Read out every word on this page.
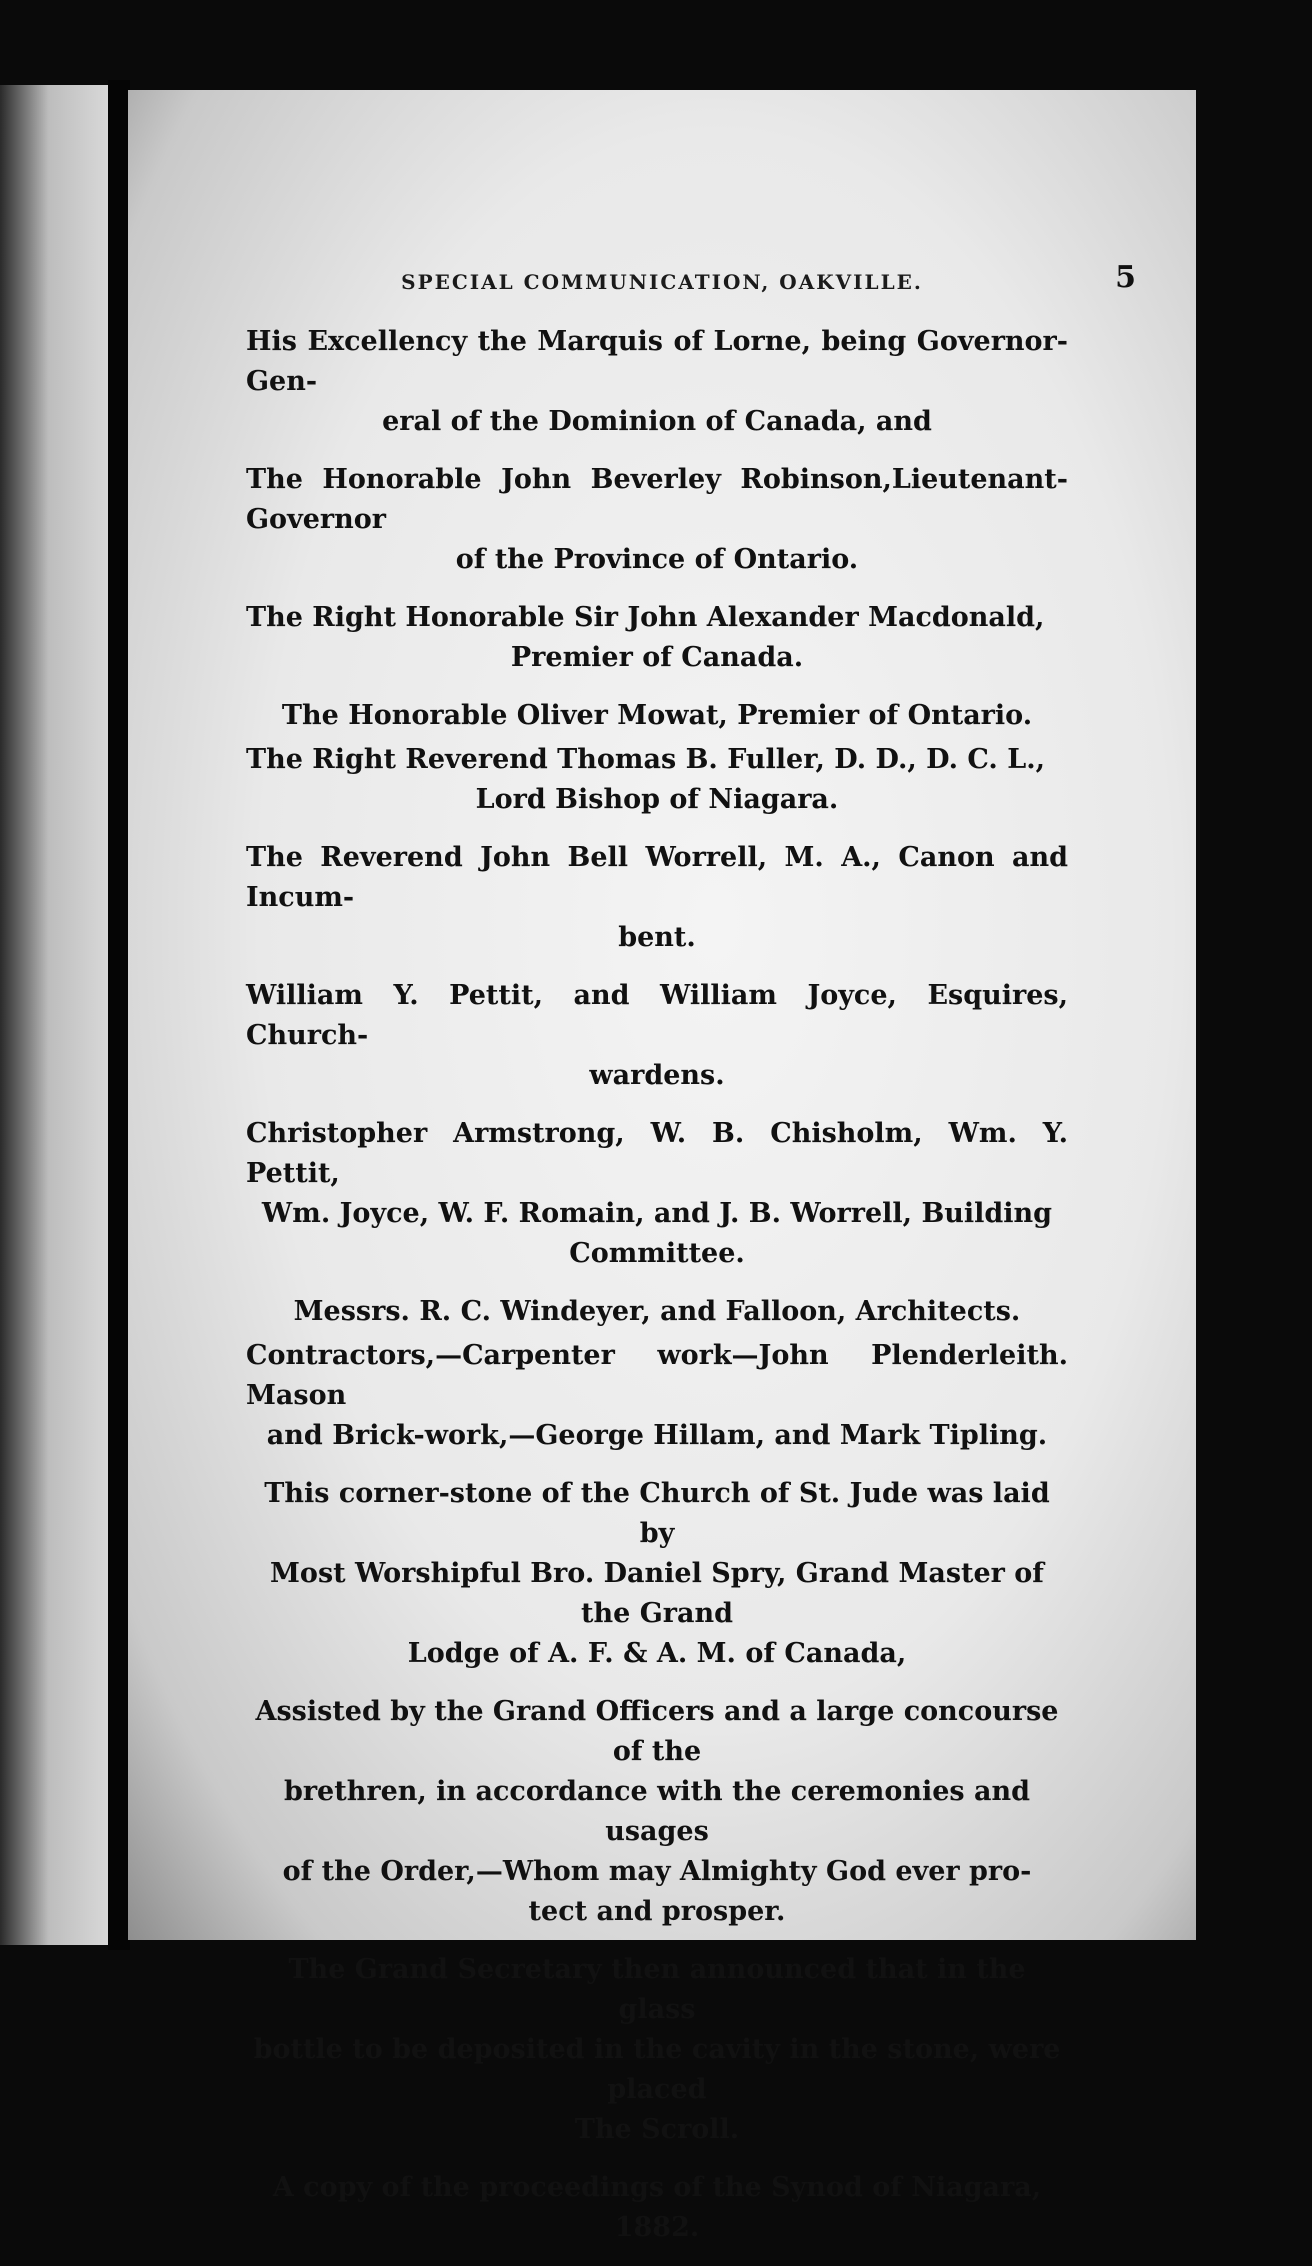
SPECIAL COMMUNICATION, OAKVILLE.	5
His Excellency the Marquis of Lorne, being Governor-Gen-
eral of the Dominion of Canada, and
The Honorable John Beverley Robinson,Lieutenant-Governor
of the Province of Ontario.
The Right Honorable Sir John Alexander Macdonald,
Premier of Canada.
The Honorable Oliver Mowat, Premier of Ontario.
The Right Reverend Thomas B. Fuller, D. D., D. C. L.,
Lord Bishop of Niagara.
The Reverend John Bell Worrell, M. A., Canon and Incum-
bent.
William Y. Pettit, and William Joyce, Esquires, Church-
wardens.
Christopher Armstrong, W. B. Chisholm, Wm. Y. Pettit,
Wm. Joyce, W. F. Romain, and J. B. Worrell, Building
Committee.
Messrs. R. C. Windeyer, and Falloon, Architects.
Contractors,—Carpenter work—John Plenderleith. Mason
and Brick-work,—George Hillam, and Mark Tipling.
This corner-stone of the Church of St. Jude was laid by
Most Worshipful Bro. Daniel Spry, Grand Master of the Grand
Lodge of A. F. & A. M. of Canada,
Assisted by the Grand Officers and a large concourse of the
brethren, in accordance with the ceremonies and usages
of the Order,—Whom may Almighty God ever pro-
tect and prosper.
The Grand Secretary then announced that in the glass
bottle to be deposited in the cavity in the stone, were placed
The Scroll.
A copy of the proceedings of the Synod of Niagara, 1882.
